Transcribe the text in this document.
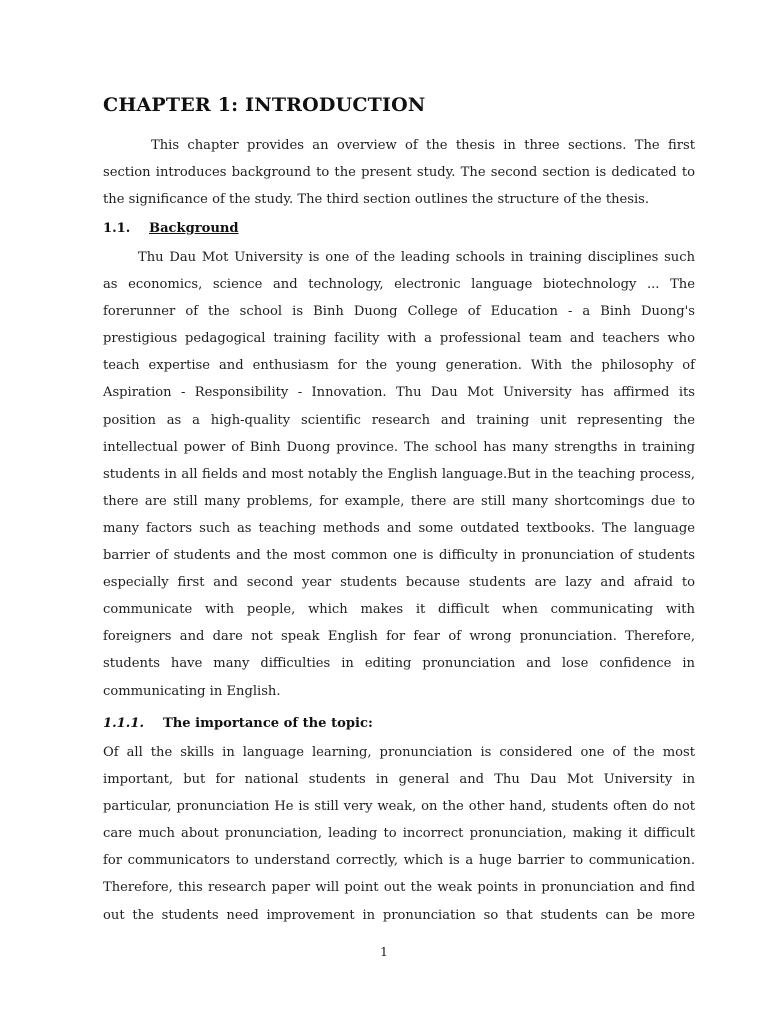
CHAPTER 1: INTRODUCTION
This chapter provides an overview of the thesis in three sections. The first
section introduces background to the present study. The second section is dedicated to
the significance of the study. The third section outlines the structure of the thesis.
1.1. Background
Thu Dau Mot University is one of the leading schools in training disciplines such
as economics, science and technology, electronic language biotechnology ... The
forerunner of the school is Binh Duong College of Education - a Binh Duong's
prestigious pedagogical training facility with a professional team and teachers who
teach expertise and enthusiasm for the young generation. With the philosophy of
Aspiration - Responsibility - Innovation. Thu Dau Mot University has affirmed its
position as a high-quality scientific research and training unit representing the
intellectual power of Binh Duong province. The school has many strengths in training
students in all fields and most notably the English language.But in the teaching process,
there are still many problems, for example, there are still many shortcomings due to
many factors such as teaching methods and some outdated textbooks. The language
barrier of students and the most common one is difficulty in pronunciation of students
especially first and second year students because students are lazy and afraid to
communicate with people, which makes it difficult when communicating with
foreigners and dare not speak English for fear of wrong pronunciation. Therefore,
students have many difficulties in editing pronunciation and lose confidence in
communicating in English.
1.1.1. The importance of the topic:
Of all the skills in language learning, pronunciation is considered one of the most
important, but for national students in general and Thu Dau Mot University in
particular, pronunciation He is still very weak, on the other hand, students often do not
care much about pronunciation, leading to incorrect pronunciation, making it difficult
for communicators to understand correctly, which is a huge barrier to communication.
Therefore, this research paper will point out the weak points in pronunciation and find
out the students need improvement in pronunciation so that students can be more
1
